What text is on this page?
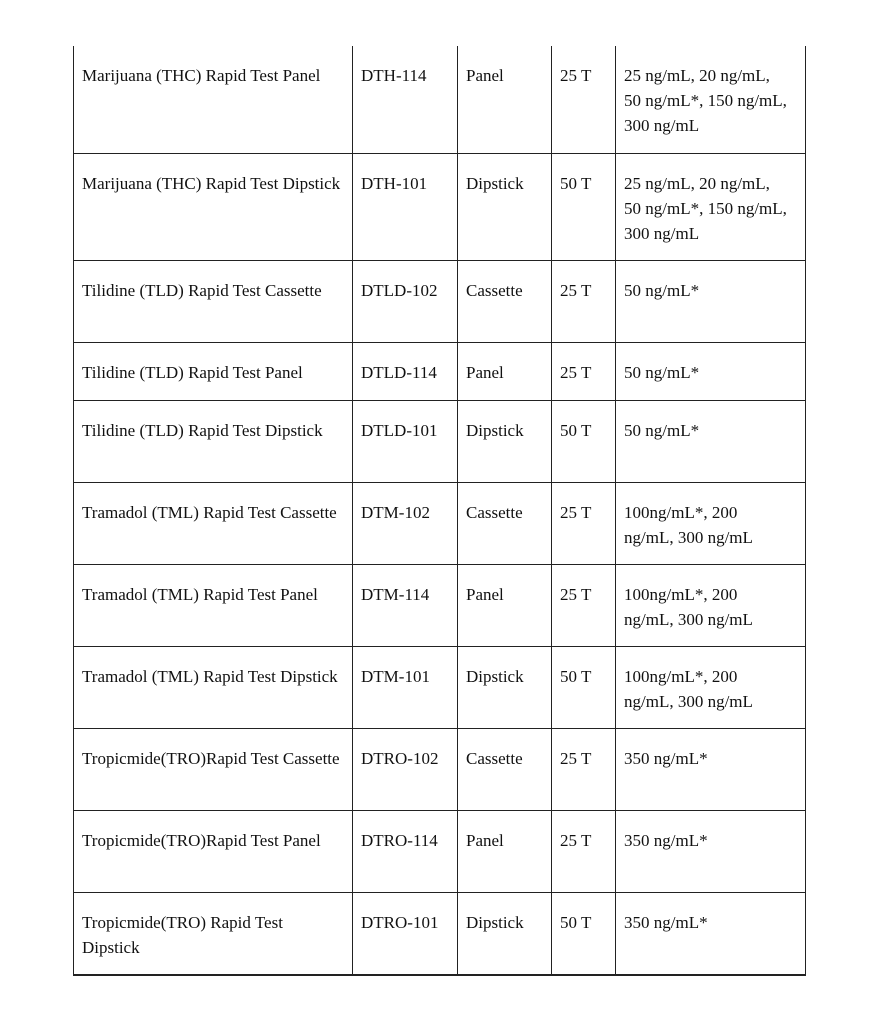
Marijuana (THC) Rapid Test Panel	DTH-114	Panel	25 T	25 ng/mL, 20 ng/mL, 50 ng/mL*, 150 ng/mL, 300 ng/mL
Marijuana (THC) Rapid Test Dipstick	DTH-101	Dipstick	50 T	25 ng/mL, 20 ng/mL, 50 ng/mL*, 150 ng/mL, 300 ng/mL
Tilidine (TLD) Rapid Test Cassette	DTLD-102	Cassette	25 T	50 ng/mL*
Tilidine (TLD) Rapid Test Panel	DTLD-114	Panel	25 T	50 ng/mL*
Tilidine (TLD) Rapid Test Dipstick	DTLD-101	Dipstick	50 T	50 ng/mL*
Tramadol (TML) Rapid Test Cassette	DTM-102	Cassette	25 T	100ng/mL*, 200 ng/mL, 300 ng/mL
Tramadol (TML) Rapid Test Panel	DTM-114	Panel	25 T	100ng/mL*, 200 ng/mL, 300 ng/mL
Tramadol (TML) Rapid Test Dipstick	DTM-101	Dipstick	50 T	100ng/mL*, 200 ng/mL, 300 ng/mL
Tropicmide(TRO)Rapid Test Cassette	DTRO-102	Cassette	25 T	350 ng/mL*
Tropicmide(TRO)Rapid Test Panel	DTRO-114	Panel	25 T	350 ng/mL*
Tropicmide(TRO) Rapid Test Dipstick	DTRO-101	Dipstick	50 T	350 ng/mL*
